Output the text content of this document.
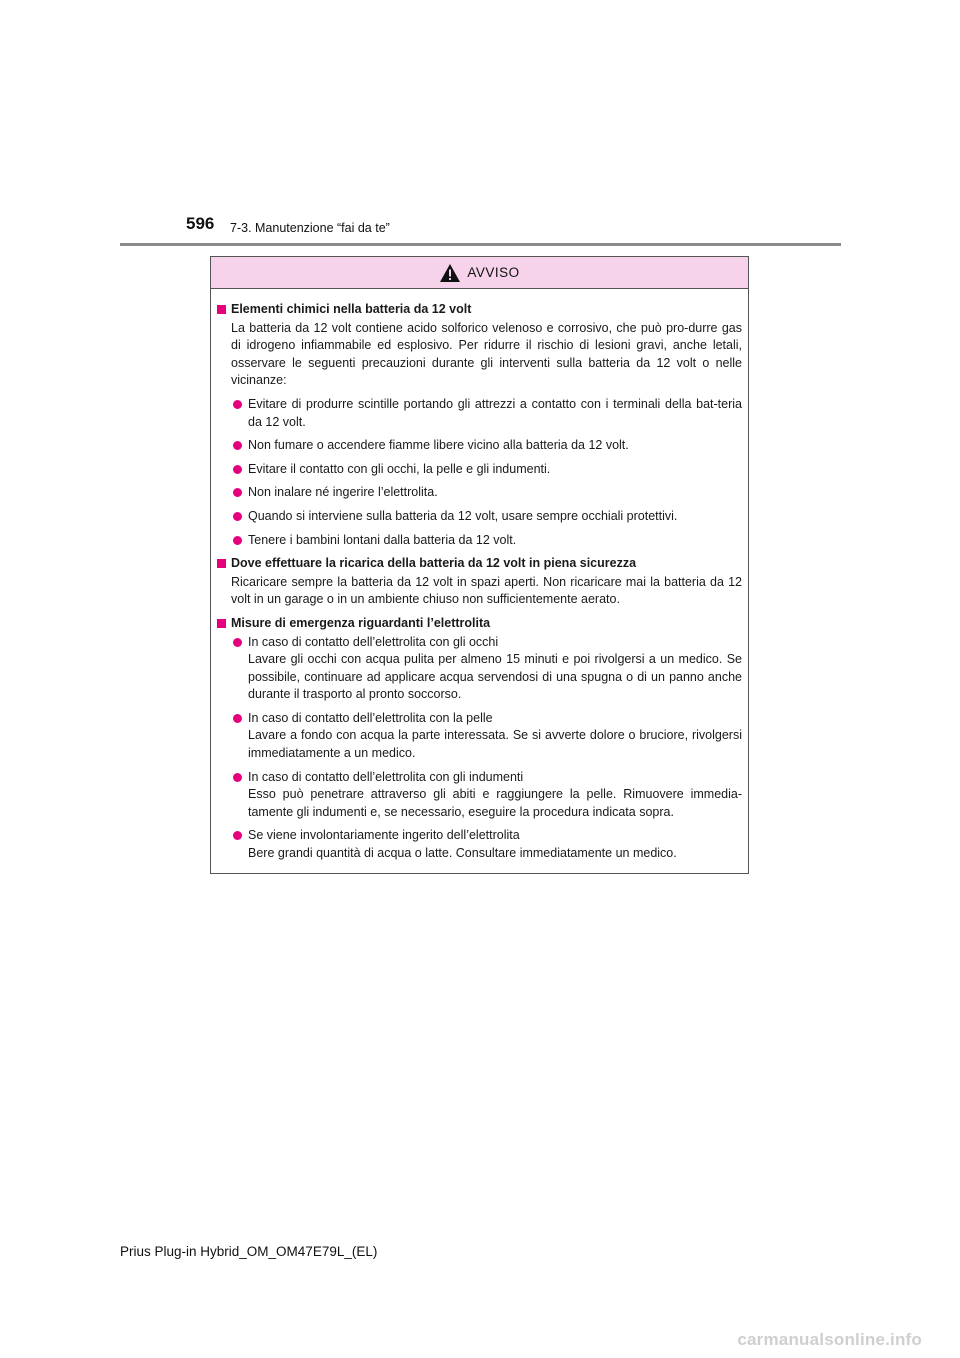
596 7-3. Manutenzione “fai da te”
AVVISO
Elementi chimici nella batteria da 12 volt
La batteria da 12 volt contiene acido solforico velenoso e corrosivo, che può pro-durre gas di idrogeno infiammabile ed esplosivo. Per ridurre il rischio di lesioni gravi, anche letali, osservare le seguenti precauzioni durante gli interventi sulla batteria da 12 volt o nelle vicinanze:
Evitare di produrre scintille portando gli attrezzi a contatto con i terminali della bat-teria da 12 volt.
Non fumare o accendere fiamme libere vicino alla batteria da 12 volt.
Evitare il contatto con gli occhi, la pelle e gli indumenti.
Non inalare né ingerire l’elettrolita.
Quando si interviene sulla batteria da 12 volt, usare sempre occhiali protettivi.
Tenere i bambini lontani dalla batteria da 12 volt.
Dove effettuare la ricarica della batteria da 12 volt in piena sicurezza
Ricaricare sempre la batteria da 12 volt in spazi aperti. Non ricaricare mai la batteria da 12 volt in un garage o in un ambiente chiuso non sufficientemente aerato.
Misure di emergenza riguardanti l’elettrolita
In caso di contatto dell’elettrolita con gli occhi
Lavare gli occhi con acqua pulita per almeno 15 minuti e poi rivolgersi a un medico. Se possibile, continuare ad applicare acqua servendosi di una spugna o di un panno anche durante il trasporto al pronto soccorso.
In caso di contatto dell’elettrolita con la pelle
Lavare a fondo con acqua la parte interessata. Se si avverte dolore o bruciore, rivolgersi immediatamente a un medico.
In caso di contatto dell’elettrolita con gli indumenti
Esso può penetrare attraverso gli abiti e raggiungere la pelle. Rimuovere immedia-tamente gli indumenti e, se necessario, eseguire la procedura indicata sopra.
Se viene involontariamente ingerito dell’elettrolita
Bere grandi quantità di acqua o latte. Consultare immediatamente un medico.
Prius Plug-in Hybrid_OM_OM47E79L_(EL)
carmanualsonline.info
